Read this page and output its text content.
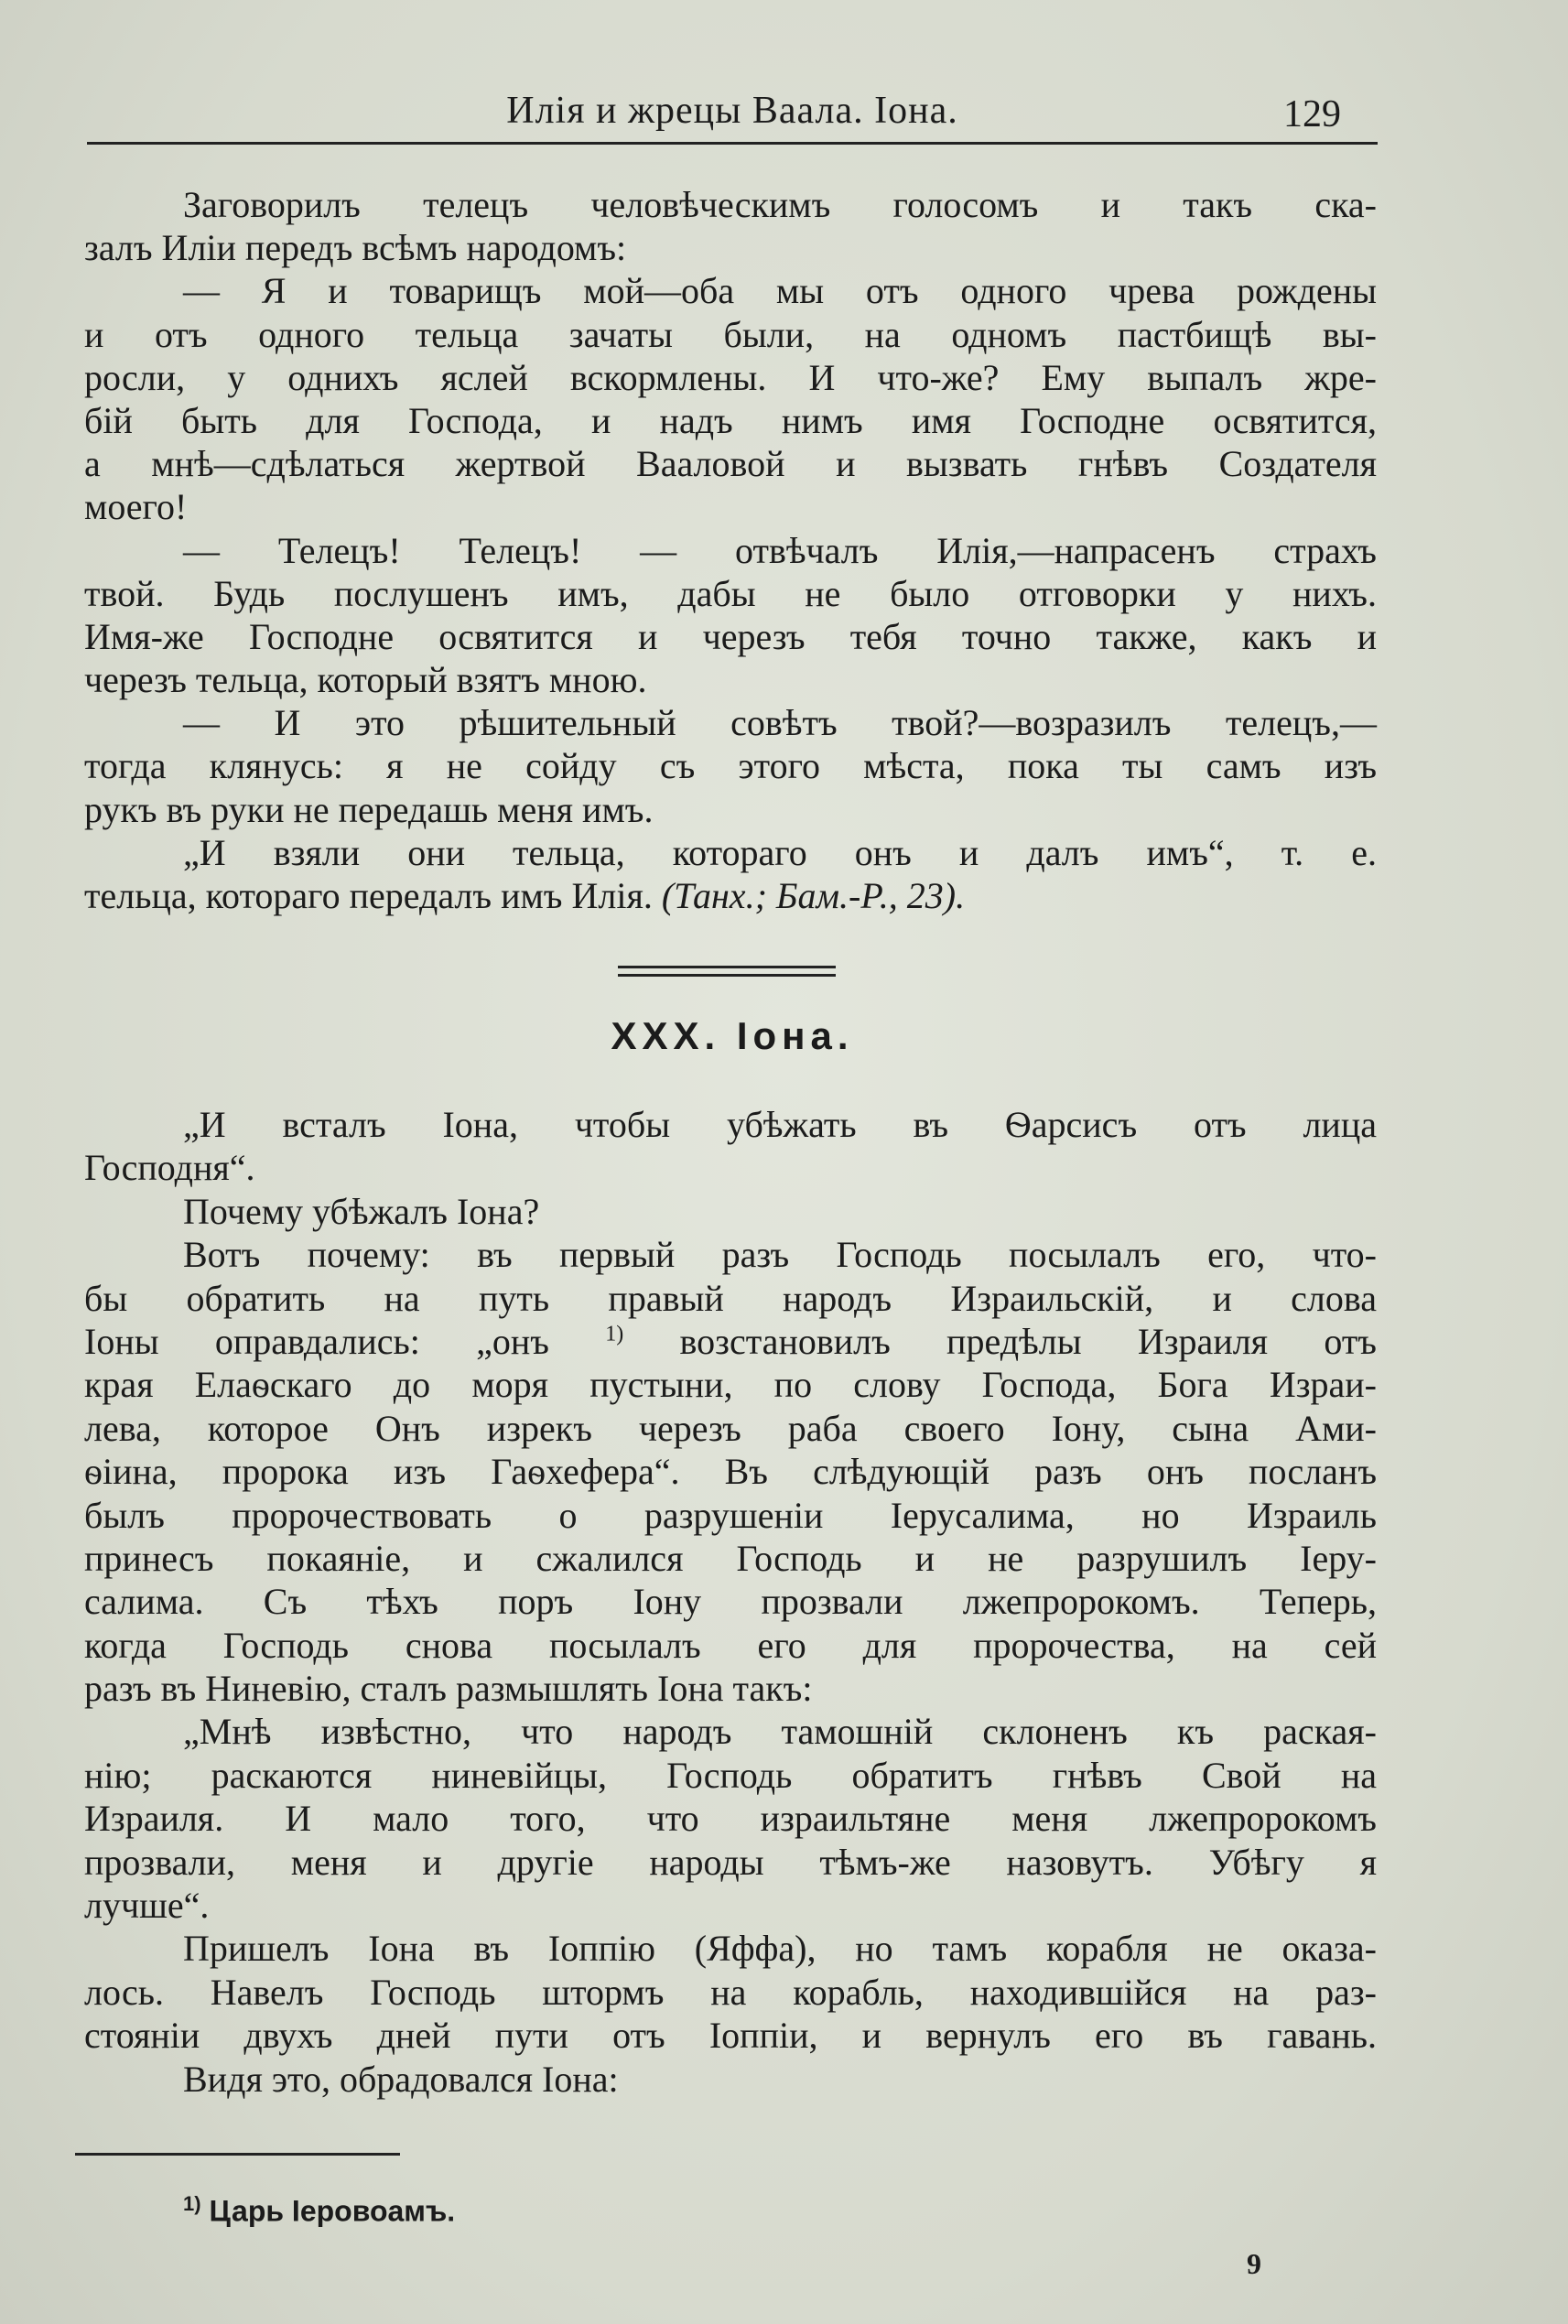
Илія и жрецы Ваала. Іона.	129
Заговорилъ телецъ человѣческимъ голосомъ и такъ ска-
залъ Иліи передъ всѣмъ народомъ:
— Я и товарищъ мой—оба мы отъ одного чрева рождены
и отъ одного тельца зачаты были, на одномъ пастбищѣ вы-
росли, у однихъ яслей вскормлены. И что-же? Ему выпалъ жре-
бій быть для Господа, и надъ нимъ имя Господне освятится,
а мнѣ—сдѣлаться жертвой Вааловой и вызвать гнѣвъ Создателя
моего!
— Телецъ! Телецъ! — отвѣчалъ Илія,—напрасенъ страхъ
твой. Будь послушенъ имъ, дабы не было отговорки у нихъ.
Имя-же Господне освятится и черезъ тебя точно также, какъ и
черезъ тельца, который взятъ мною.
— И это рѣшительный совѣтъ твой?—возразилъ телецъ,—
тогда клянусь: я не сойду съ этого мѣста, пока ты самъ изъ
рукъ въ руки не передашь меня имъ.
„И взяли они тельца, котораго онъ и далъ имъ“, т. е.
тельца, котораго передалъ имъ Илія. (Танх.; Бам.-Р., 23).
XXX. Іона.
„И всталъ Іона, чтобы убѣжать въ Ѳарсисъ отъ лица
Господня“.
Почему убѣжалъ Іона?
Вотъ почему: въ первый разъ Господь посылалъ его, что-
бы обратить на путь правый народъ Израильскій, и слова
Іоны оправдались: „онъ	$^{1)}$ возстановилъ предѣлы Израиля отъ
края Елаѳскаго до моря пустыни, по слову Господа, Бога Израи-
лева, которое Онъ изрекъ черезъ раба своего Іону, сына Ами-
ѳіина, пророка изъ Гаѳхефера“. Въ слѣдующій разъ онъ посланъ
былъ пророчествовать о разрушеніи Іерусалима, но Израиль
принесъ покаяніе, и сжалился Господь и не разрушилъ Іеру-
салима. Съ тѣхъ поръ Іону прозвали лжепророкомъ. Теперь,
когда Господь снова посылалъ его для пророчества, на сей
разъ въ Ниневію, сталъ размышлять Іона такъ:
„Мнѣ извѣстно, что народъ тамошній склоненъ къ раская-
нію; раскаются ниневійцы, Господь обратитъ гнѣвъ Свой на
Израиля. И мало того, что израильтяне меня лжепророкомъ
прозвали, меня и другіе народы тѣмъ-же назовутъ. Убѣгу я
лучше“.
Пришелъ Іона въ Іоппію (Яффа), но тамъ корабля не оказа-
лось. Навелъ Господь штормъ на корабль, находившійся на раз-
стояніи двухъ дней пути отъ Іоппіи, и вернулъ его въ гавань.
Видя это, обрадовался Іона:
$^{1)}$ Царь Іеровоамъ.
9
